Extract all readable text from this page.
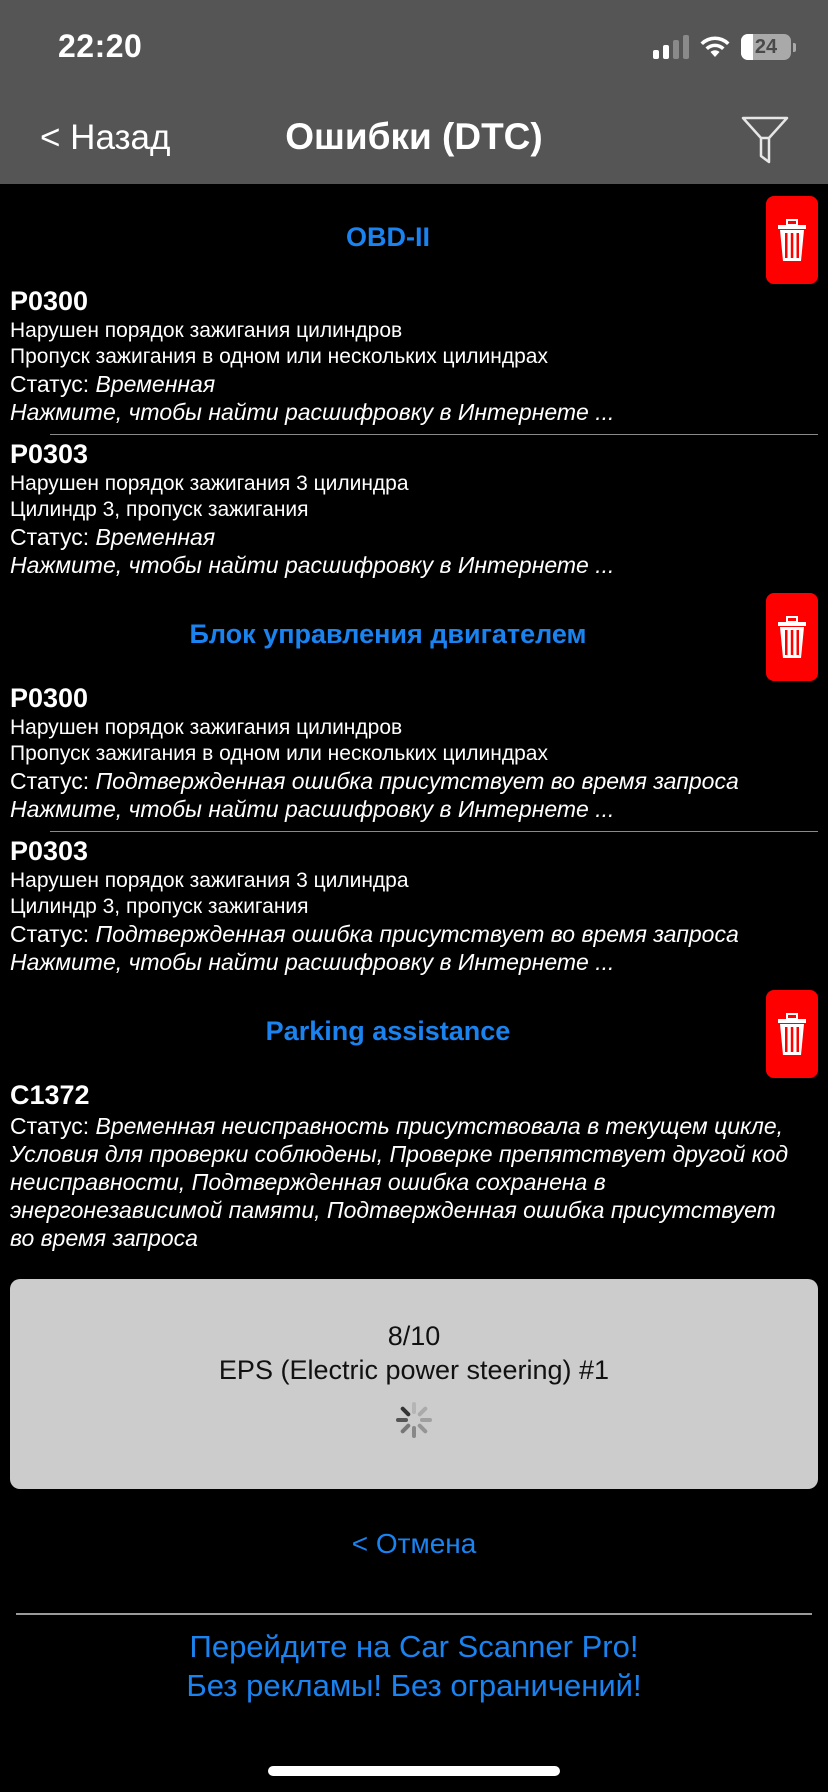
22:20	24
< Назад	Ошибки (DTC)
OBD-II
P0300
Нарушен порядок зажигания цилиндров
Пропуск зажигания в одном или нескольких цилиндрах
Статус: Временная
Нажмите, чтобы найти расшифровку в Интернете ...
P0303
Нарушен порядок зажигания 3 цилиндра
Цилиндр 3, пропуск зажигания
Статус: Временная
Нажмите, чтобы найти расшифровку в Интернете ...
Блок управления двигателем
P0300
Нарушен порядок зажигания цилиндров
Пропуск зажигания в одном или нескольких цилиндрах
Статус: Подтвержденная ошибка присутствует во время запроса
Нажмите, чтобы найти расшифровку в Интернете ...
P0303
Нарушен порядок зажигания 3 цилиндра
Цилиндр 3, пропуск зажигания
Статус: Подтвержденная ошибка присутствует во время запроса
Нажмите, чтобы найти расшифровку в Интернете ...
Parking assistance
C1372
Статус: Временная неисправность присутствовала в текущем цикле, Условия для проверки соблюдены, Проверке препятствует другой код неисправности, Подтвержденная ошибка сохранена в энергонезависимой памяти, Подтвержденная ошибка присутствует во время запроса
8/10
EPS (Electric power steering) #1
< Отмена
Перейдите на Car Scanner Pro!
Без рекламы! Без ограничений!
